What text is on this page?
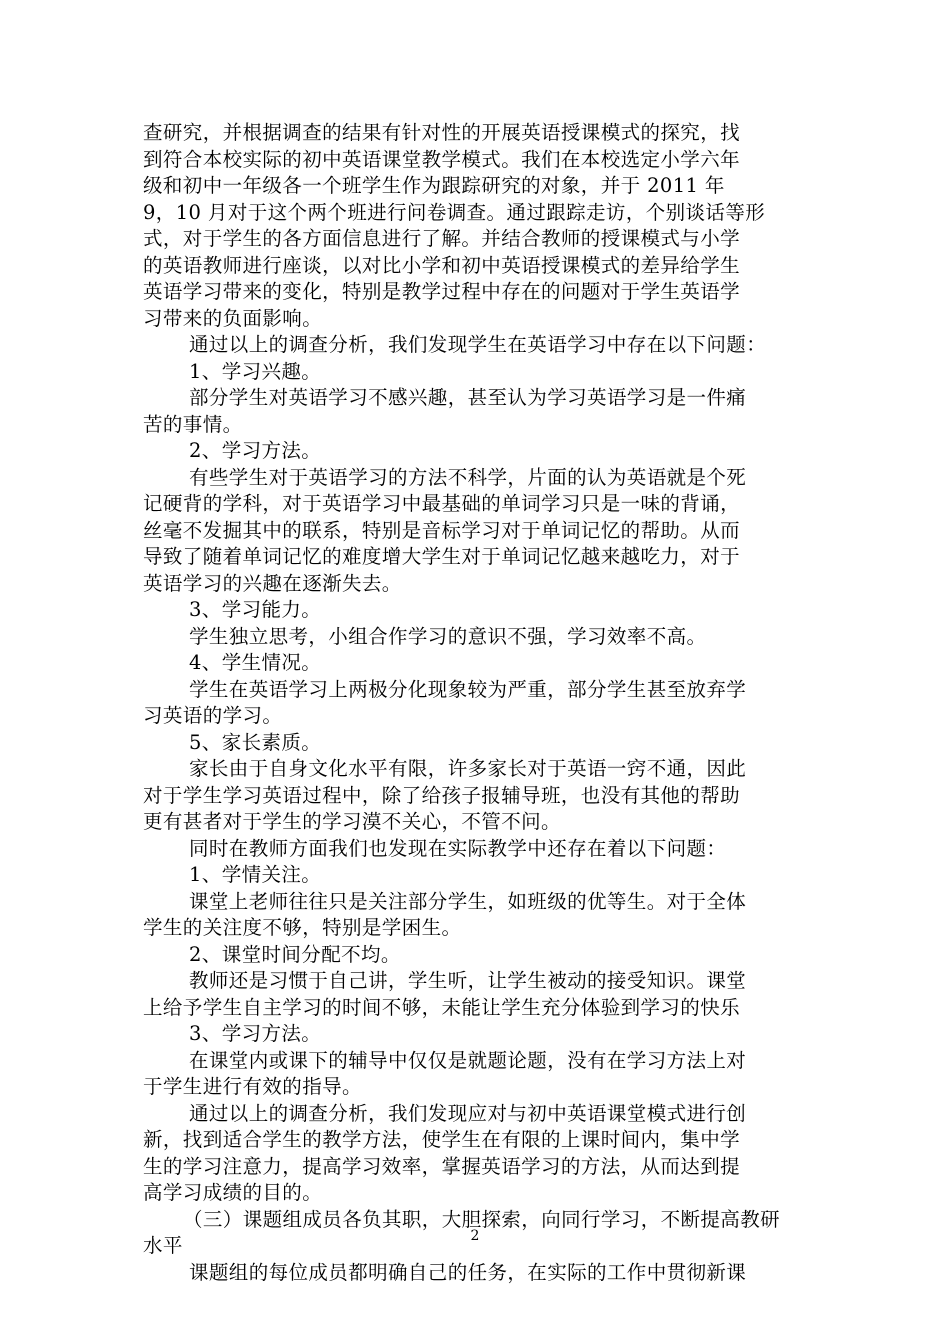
查研究，并根据调查的结果有针对性的开展英语授课模式的探究，找
到符合本校实际的初中英语课堂教学模式。我们在本校选定小学六年
级和初中一年级各一个班学生作为跟踪研究的对象，并于 2011 年
9，10 月对于这个两个班进行问卷调查。通过跟踪走访，个别谈话等形
式，对于学生的各方面信息进行了解。并结合教师的授课模式与小学
的英语教师进行座谈，以对比小学和初中英语授课模式的差异给学生
英语学习带来的变化，特别是教学过程中存在的问题对于学生英语学
习带来的负面影响。
通过以上的调查分析，我们发现学生在英语学习中存在以下问题：
1、学习兴趣。
部分学生对英语学习不感兴趣，甚至认为学习英语学习是一件痛
苦的事情。
2、学习方法。
有些学生对于英语学习的方法不科学，片面的认为英语就是个死
记硬背的学科，对于英语学习中最基础的单词学习只是一味的背诵，
丝毫不发掘其中的联系，特别是音标学习对于单词记忆的帮助。从而
导致了随着单词记忆的难度增大学生对于单词记忆越来越吃力，对于
英语学习的兴趣在逐渐失去。
3、学习能力。
学生独立思考，小组合作学习的意识不强，学习效率不高。
4、学生情况。
学生在英语学习上两极分化现象较为严重，部分学生甚至放弃学
习英语的学习。
5、家长素质。
家长由于自身文化水平有限，许多家长对于英语一窍不通，因此
对于学生学习英语过程中，除了给孩子报辅导班，也没有其他的帮助
更有甚者对于学生的学习漠不关心，不管不问。
同时在教师方面我们也发现在实际教学中还存在着以下问题：
1、学情关注。
课堂上老师往往只是关注部分学生，如班级的优等生。对于全体
学生的关注度不够，特别是学困生。
2、课堂时间分配不均。
教师还是习惯于自己讲，学生听，让学生被动的接受知识。课堂
上给予学生自主学习的时间不够，未能让学生充分体验到学习的快乐
3、学习方法。
在课堂内或课下的辅导中仅仅是就题论题，没有在学习方法上对
于学生进行有效的指导。
通过以上的调查分析，我们发现应对与初中英语课堂模式进行创
新，找到适合学生的教学方法，使学生在有限的上课时间内，集中学
生的学习注意力，提高学习效率，掌握英语学习的方法，从而达到提
高学习成绩的目的。
（三）课题组成员各负其职，大胆探索，向同行学习，不断提高教研
水平
课题组的每位成员都明确自己的任务，在实际的工作中贯彻新课
2
